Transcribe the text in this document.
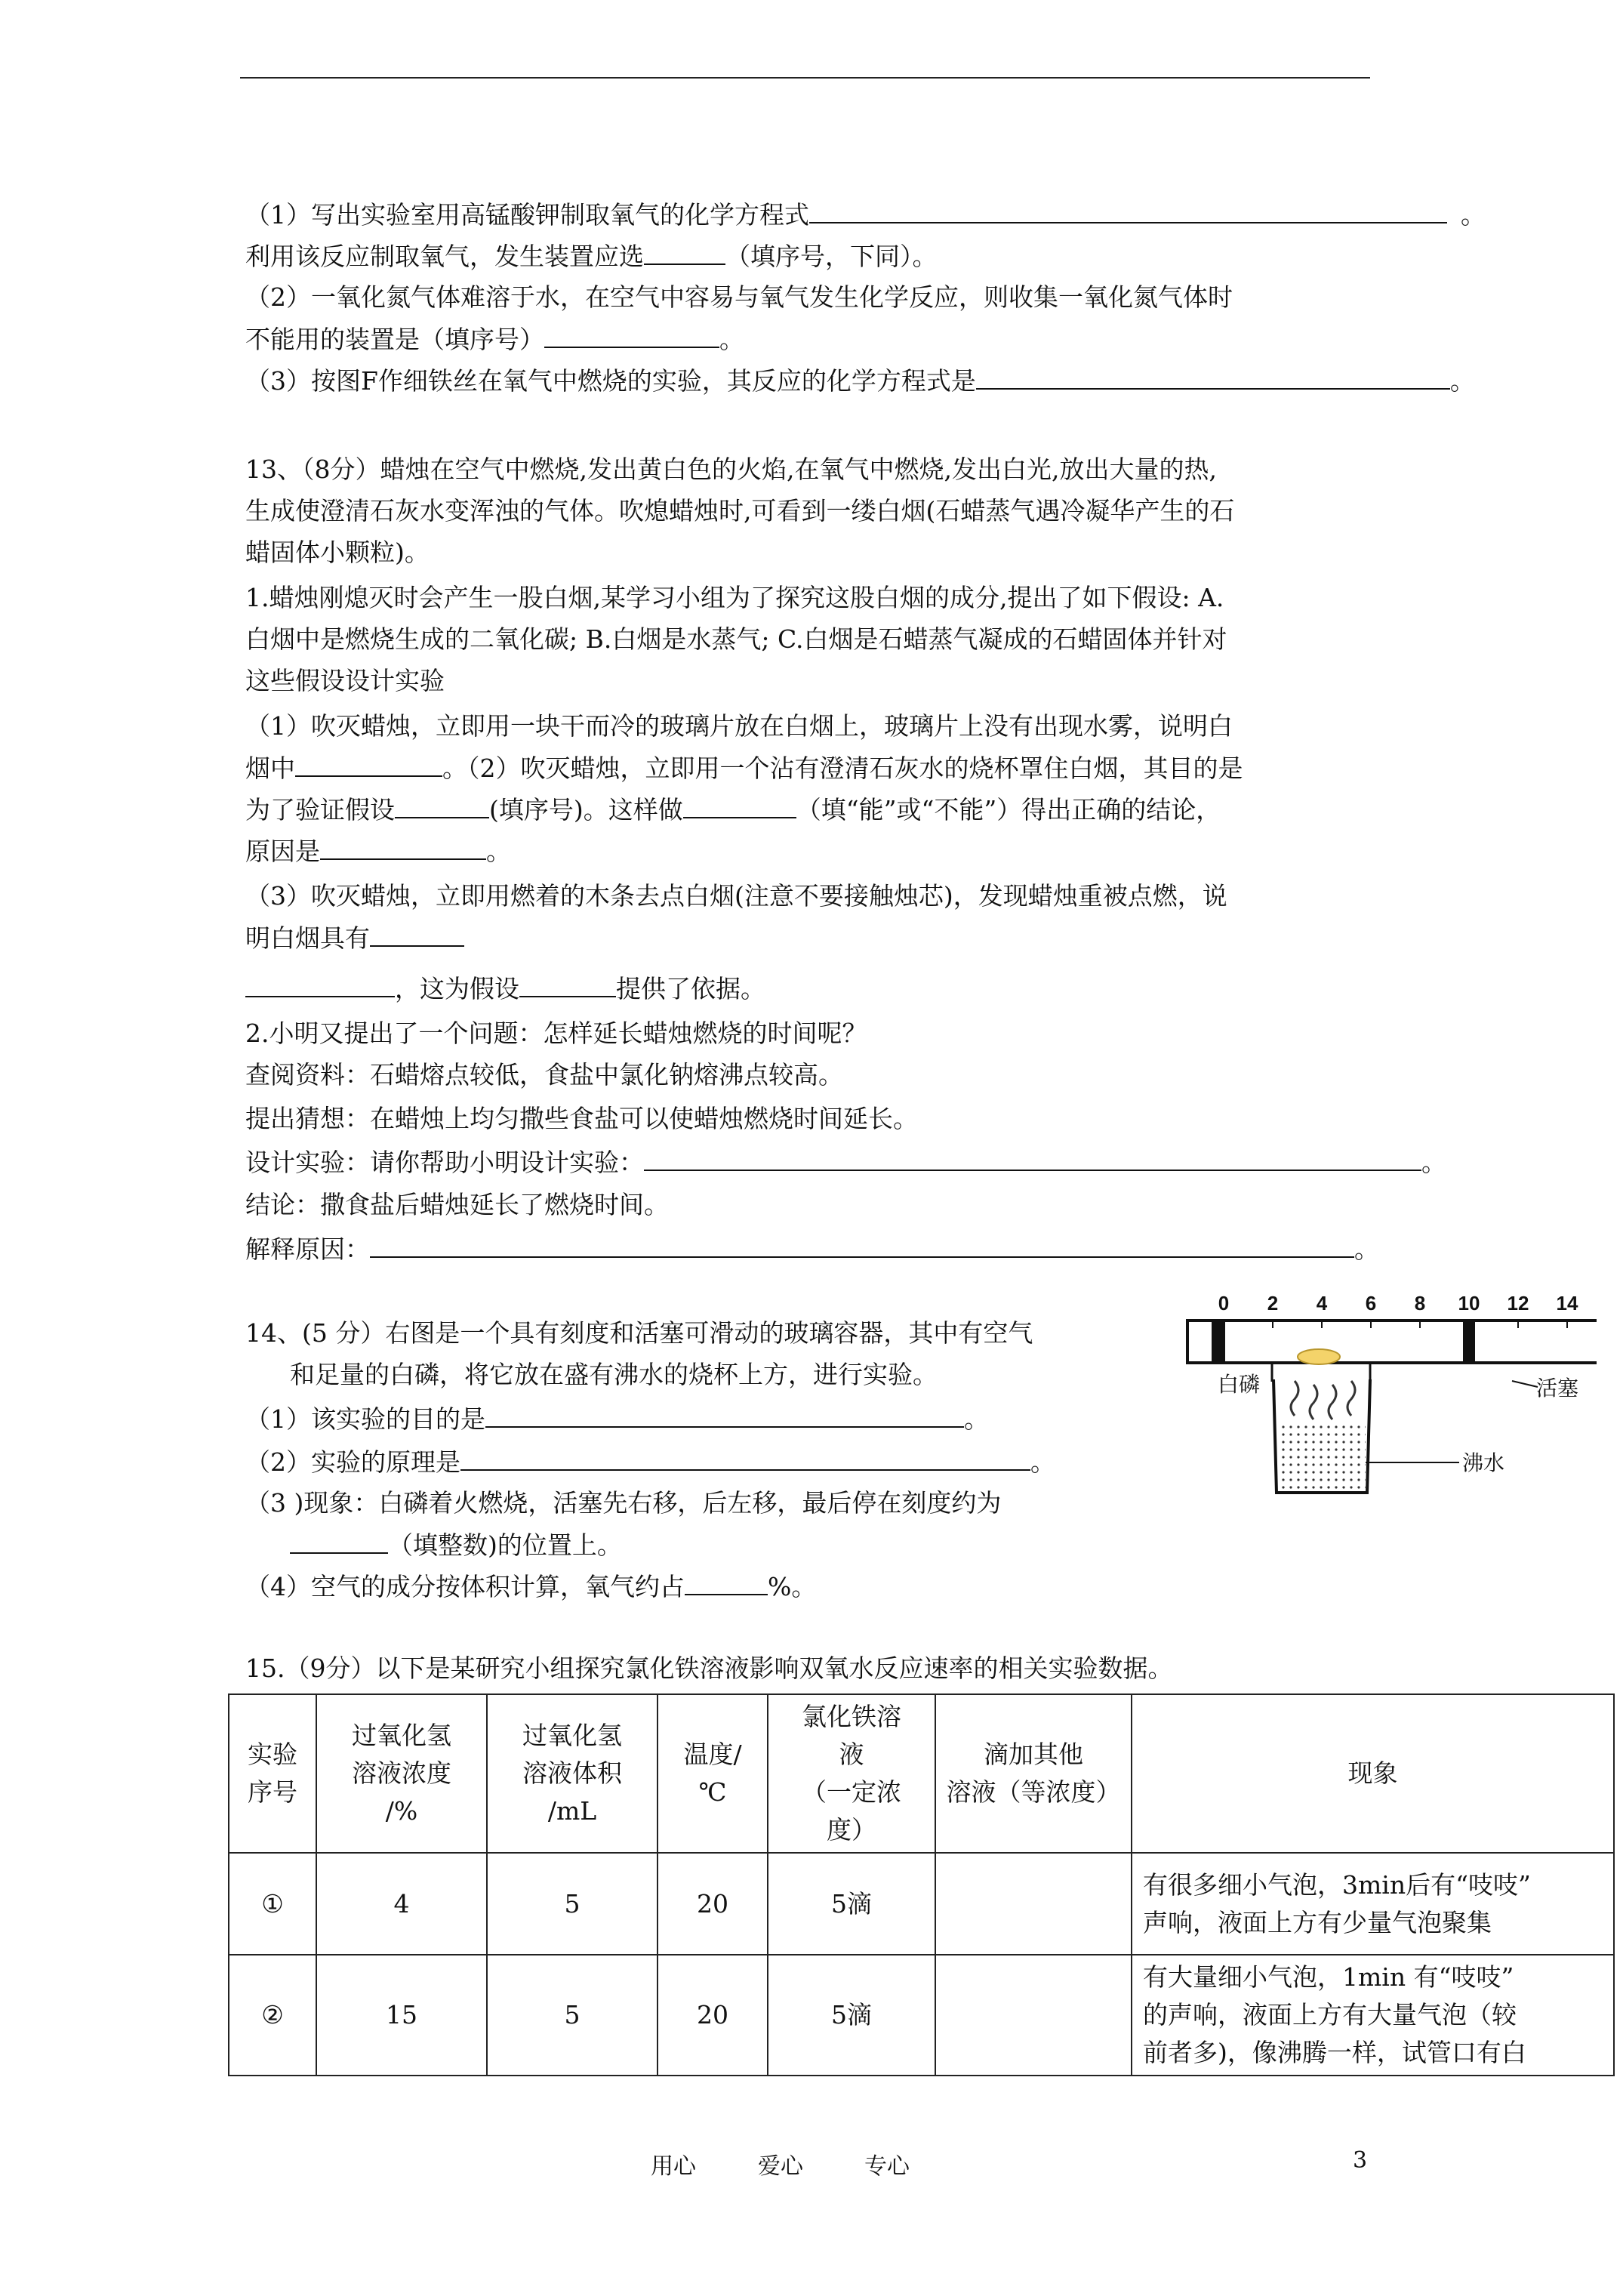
（1）写出实验室用高锰酸钾制取氧气的化学方程式	。
利用该反应制取氧气，发生装置应选	（填序号，下同）。
（2）一氧化氮气体难溶于水，在空气中容易与氧气发生化学反应，则收集一氧化氮气体时
不能用的装置是（填序号）	。
（3）按图F作细铁丝在氧气中燃烧的实验，其反应的化学方程式是	。
13、（8分）蜡烛在空气中燃烧,发出黄白色的火焰,在氧气中燃烧,发出白光,放出大量的热,
生成使澄清石灰水变浑浊的气体。吹熄蜡烛时,可看到一缕白烟(石蜡蒸气遇冷凝华产生的石
蜡固体小颗粒)。
1.蜡烛刚熄灭时会产生一股白烟,某学习小组为了探究这股白烟的成分,提出了如下假设: A.
白烟中是燃烧生成的二氧化碳; B.白烟是水蒸气; C.白烟是石蜡蒸气凝成的石蜡固体并针对
这些假设设计实验
（1）吹灭蜡烛，立即用一块干而冷的玻璃片放在白烟上，玻璃片上没有出现水雾，说明白
烟中	。（2）吹灭蜡烛，立即用一个沾有澄清石灰水的烧杯罩住白烟，其目的是
为了验证假设	(填序号)。这样做	（填“能”或“不能”）得出正确的结论，
原因是	。
（3）吹灭蜡烛，立即用燃着的木条去点白烟(注意不要接触烛芯)，发现蜡烛重被点燃，说
明白烟具有
，这为假设	提供了依据。
2.小明又提出了一个问题：怎样延长蜡烛燃烧的时间呢？
查阅资料：石蜡熔点较低，食盐中氯化钠熔沸点较高。
提出猜想：在蜡烛上均匀撒些食盐可以使蜡烛燃烧时间延长。
设计实验：请你帮助小明设计实验：	。
结论：撒食盐后蜡烛延长了燃烧时间。
解释原因：	。
14、(5 分）右图是一个具有刻度和活塞可滑动的玻璃容器，其中有空气
和足量的白磷，将它放在盛有沸水的烧杯上方，进行实验。
（1）该实验的目的是	。
（2）实验的原理是	。
（3 )现象：白磷着火燃烧，活塞先右移，后左移，最后停在刻度约为
（填整数)的位置上。
（4）空气的成分按体积计算，氧气约占	%。
0 2 4 6 8 10 12 14
白磷	活塞
沸水
15.（9分）以下是某研究小组探究氯化铁溶液影响双氧水反应速率的相关实验数据。
实验
序号	过氧化氢
溶液浓度
/%	过氧化氢
溶液体积
/mL	温度/
℃	氯化铁溶
液
（一定浓
度）	滴加其他
溶液（等浓度）	现象
①	4	5	20	5滴		有很多细小气泡，3min后有“吱吱”
声响，液面上方有少量气泡聚集
②	15	5	20	5滴		有大量细小气泡，1min 有“吱吱”
的声响，液面上方有大量气泡（较
前者多)，像沸腾一样，试管口有白
用心	爱心	专心	3
